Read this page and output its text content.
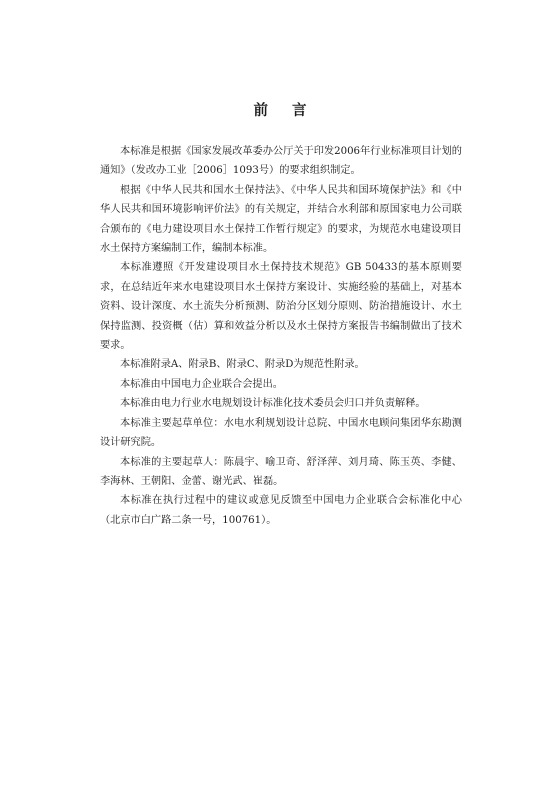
前言

本标准是根据《国家发展改革委办公厅关于印发2006年行业标准项目计划的通知》（发改办工业［2006］1093号）的要求组织制定。

根据《中华人民共和国水土保持法》、《中华人民共和国环境保护法》和《中华人民共和国环境影响评价法》的有关规定，并结合水利部和原国家电力公司联合颁布的《电力建设项目水土保持工作暂行规定》的要求，为规范水电建设项目水土保持方案编制工作，编制本标准。

本标准遵照《开发建设项目水土保持技术规范》GB 50433的基本原则要求，在总结近年来水电建设项目水土保持方案设计、实施经验的基础上，对基本资料、设计深度、水土流失分析预测、防治分区划分原则、防治措施设计、水土保持监测、投资概（估）算和效益分析以及水土保持方案报告书编制做出了技术要求。

本标准附录A、附录B、附录C、附录D为规范性附录。

本标准由中国电力企业联合会提出。

本标准由电力行业水电规划设计标准化技术委员会归口并负责解释。

本标准主要起草单位：水电水利规划设计总院、中国水电顾问集团华东勘测设计研究院。

本标准的主要起草人：陈晨宇、喻卫奇、舒泽萍、刘月琦、陈玉英、李健、李海林、王朝阳、金蕾、谢光武、崔磊。

本标准在执行过程中的建议或意见反馈至中国电力企业联合会标准化中心（北京市白广路二条一号，100761）。
